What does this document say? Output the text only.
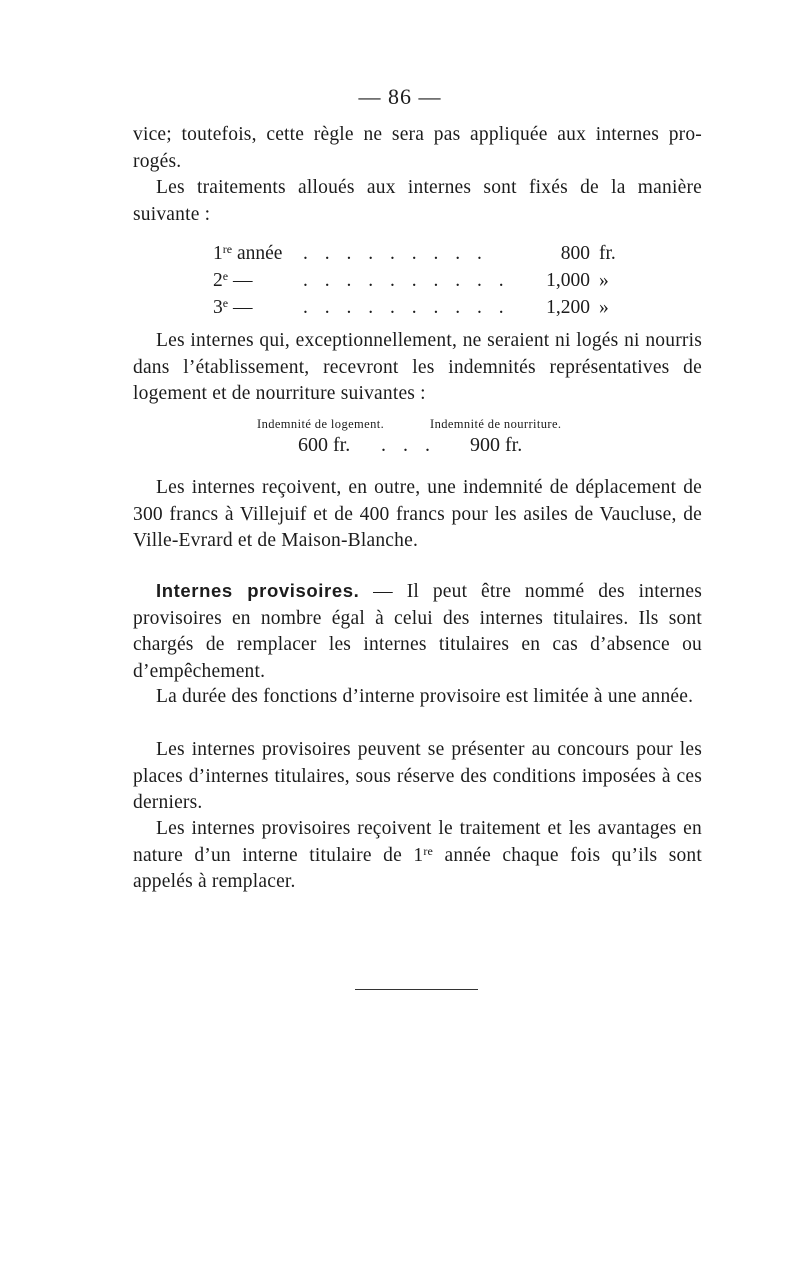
— 86 —

vice; toutefois, cette règle ne sera pas appliquée aux internes pro-rogés.

Les traitements alloués aux internes sont fixés de la manière suivante :

1re année . . . . . . . . .	800 fr.
2e —	. . . . . . . . . . 1,000 »
3e —	. . . . . . . . . . 1,200 »

Les internes qui, exceptionnellement, ne seraient ni logés ni nourris dans l’établissement, recevront les indemnités représentatives de logement et de nourriture suivantes :

Indemnité de logement.	Indemnité de nourriture.
600 fr. . . . 900 fr.

Les internes reçoivent, en outre, une indemnité de déplacement de 300 francs à Villejuif et de 400 francs pour les asiles de Vaucluse, de Ville-Evrard et de Maison-Blanche.

Internes provisoires. — Il peut être nommé des internes provisoires en nombre égal à celui des internes titulaires. Ils sont chargés de remplacer les internes titulaires en cas d’absence ou d’empêchement.

La durée des fonctions d’interne provisoire est limitée à une année.

Les internes provisoires peuvent se présenter au concours pour les places d’internes titulaires, sous réserve des conditions imposées à ces derniers.

Les internes provisoires reçoivent le traitement et les avantages en nature d’un interne titulaire de 1re année chaque fois qu’ils sont appelés à remplacer.
